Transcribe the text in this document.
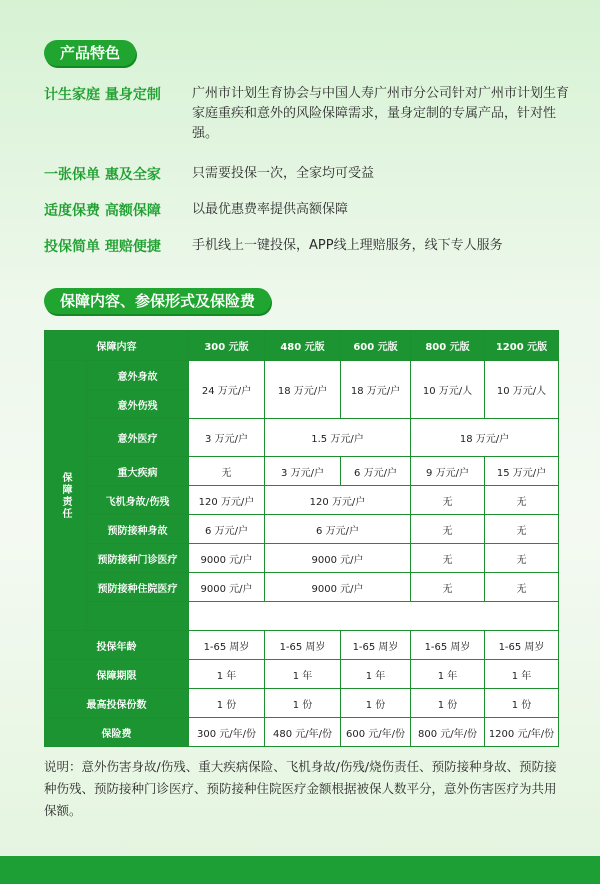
产品特色
计生家庭 量身定制 广州市计划生育协会与中国人寿广州市分公司针对广州市计划生育家庭重疾和意外的风险保障需求，量身定制的专属产品，针对性强。
一张保单 惠及全家 只需要投保一次，全家均可受益
适度保费 高额保障 以最优惠费率提供高额保障
投保简单 理赔便捷 手机线上一键投保，APP线上理赔服务，线下专人服务
保障内容、参保形式及保险费
保障内容		300 元版	480 元版	600 元版	800 元版	1200 元版
保障责任	意外身故	24 万元/户	18 万元/户	18 万元/户	10 万元/人	10 万元/人
	意外伤残					
	意外医疗	3 万元/户	1.5 万元/户		18 万元/户	
	重大疾病	无	3 万元/户	6 万元/户	9 万元/户	15 万元/户
	飞机身故/伤残	120 万元/户	120 万元/户		无	无
	预防接种身故	6 万元/户	6 万元/户		无	无
	预防接种门诊医疗	9000 元/户	9000 元/户		无	无
	预防接种住院医疗	9000 元/户	9000 元/户		无	无

投保年龄		1-65 周岁	1-65 周岁	1-65 周岁	1-65 周岁	1-65 周岁
保障期限		1 年	1 年	1 年	1 年	1 年
最高投保份数		1 份	1 份	1 份	1 份	1 份
保险费		300 元/年/份	480 元/年/份	600 元/年/份	800 元/年/份	1200 元/年/份
说明：意外伤害身故/伤残、重大疾病保险、飞机身故/伤残/烧伤责任、预防接种身故、预防接种伤残、预防接种门诊医疗、预防接种住院医疗金额根据被保人数平分，意外伤害医疗为共用保额。
